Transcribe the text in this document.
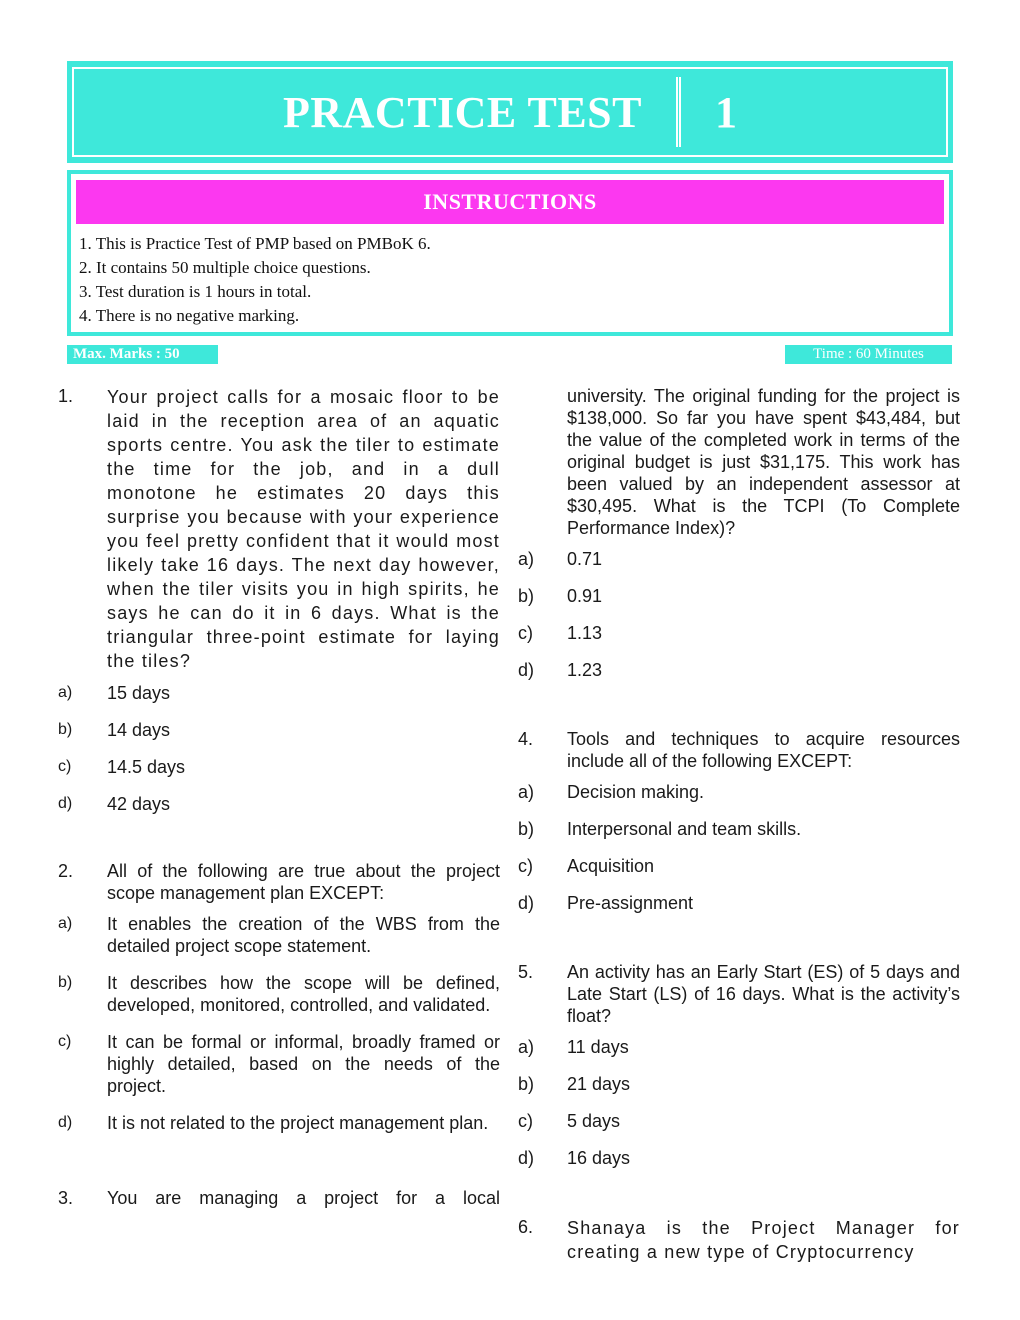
PRACTICE TEST 1
INSTRUCTIONS
1. This is Practice Test of PMP based on PMBoK 6.
2. It contains 50 multiple choice questions.
3. Test duration is 1 hours in total.
4. There is no negative marking.
Max. Marks : 50	Time : 60 Minutes
1.	Your project calls for a mosaic floor to be laid in the reception area of an aquatic sports centre. You ask the tiler to estimate the time for the job, and in a dull monotone he estimates 20 days this surprise you because with your experience you feel pretty confident that it would most likely take 16 days. The next day however, when the tiler visits you in high spirits, he says he can do it in 6 days. What is the triangular three-point estimate for laying the tiles?
a)	15 days
b)	14 days
c)	14.5 days
d)	42 days
2.	All of the following are true about the project scope management plan EXCEPT:
a)	It enables the creation of the WBS from the detailed project scope statement.
b)	It describes how the scope will be defined, developed, monitored, controlled, and validated.
c)	It can be formal or informal, broadly framed or highly detailed, based on the needs of the project.
d)	It is not related to the project management plan.
3.	You are managing a project for a local
university. The original funding for the project is $138,000. So far you have spent $43,484, but the value of the completed work in terms of the original budget is just $31,175. This work has been valued by an independent assessor at $30,495. What is the TCPI (To Complete Performance Index)?
a)	0.71
b)	0.91
c)	1.13
d)	1.23
4.	Tools and techniques to acquire resources include all of the following EXCEPT:
a)	Decision making.
b)	Interpersonal and team skills.
c)	Acquisition
d)	Pre-assignment
5.	An activity has an Early Start (ES) of 5 days and Late Start (LS) of 16 days. What is the activity’s float?
a)	11 days
b)	21 days
c)	5 days
d)	16 days
6.	Shanaya is the Project Manager for creating a new type of Cryptocurrency
